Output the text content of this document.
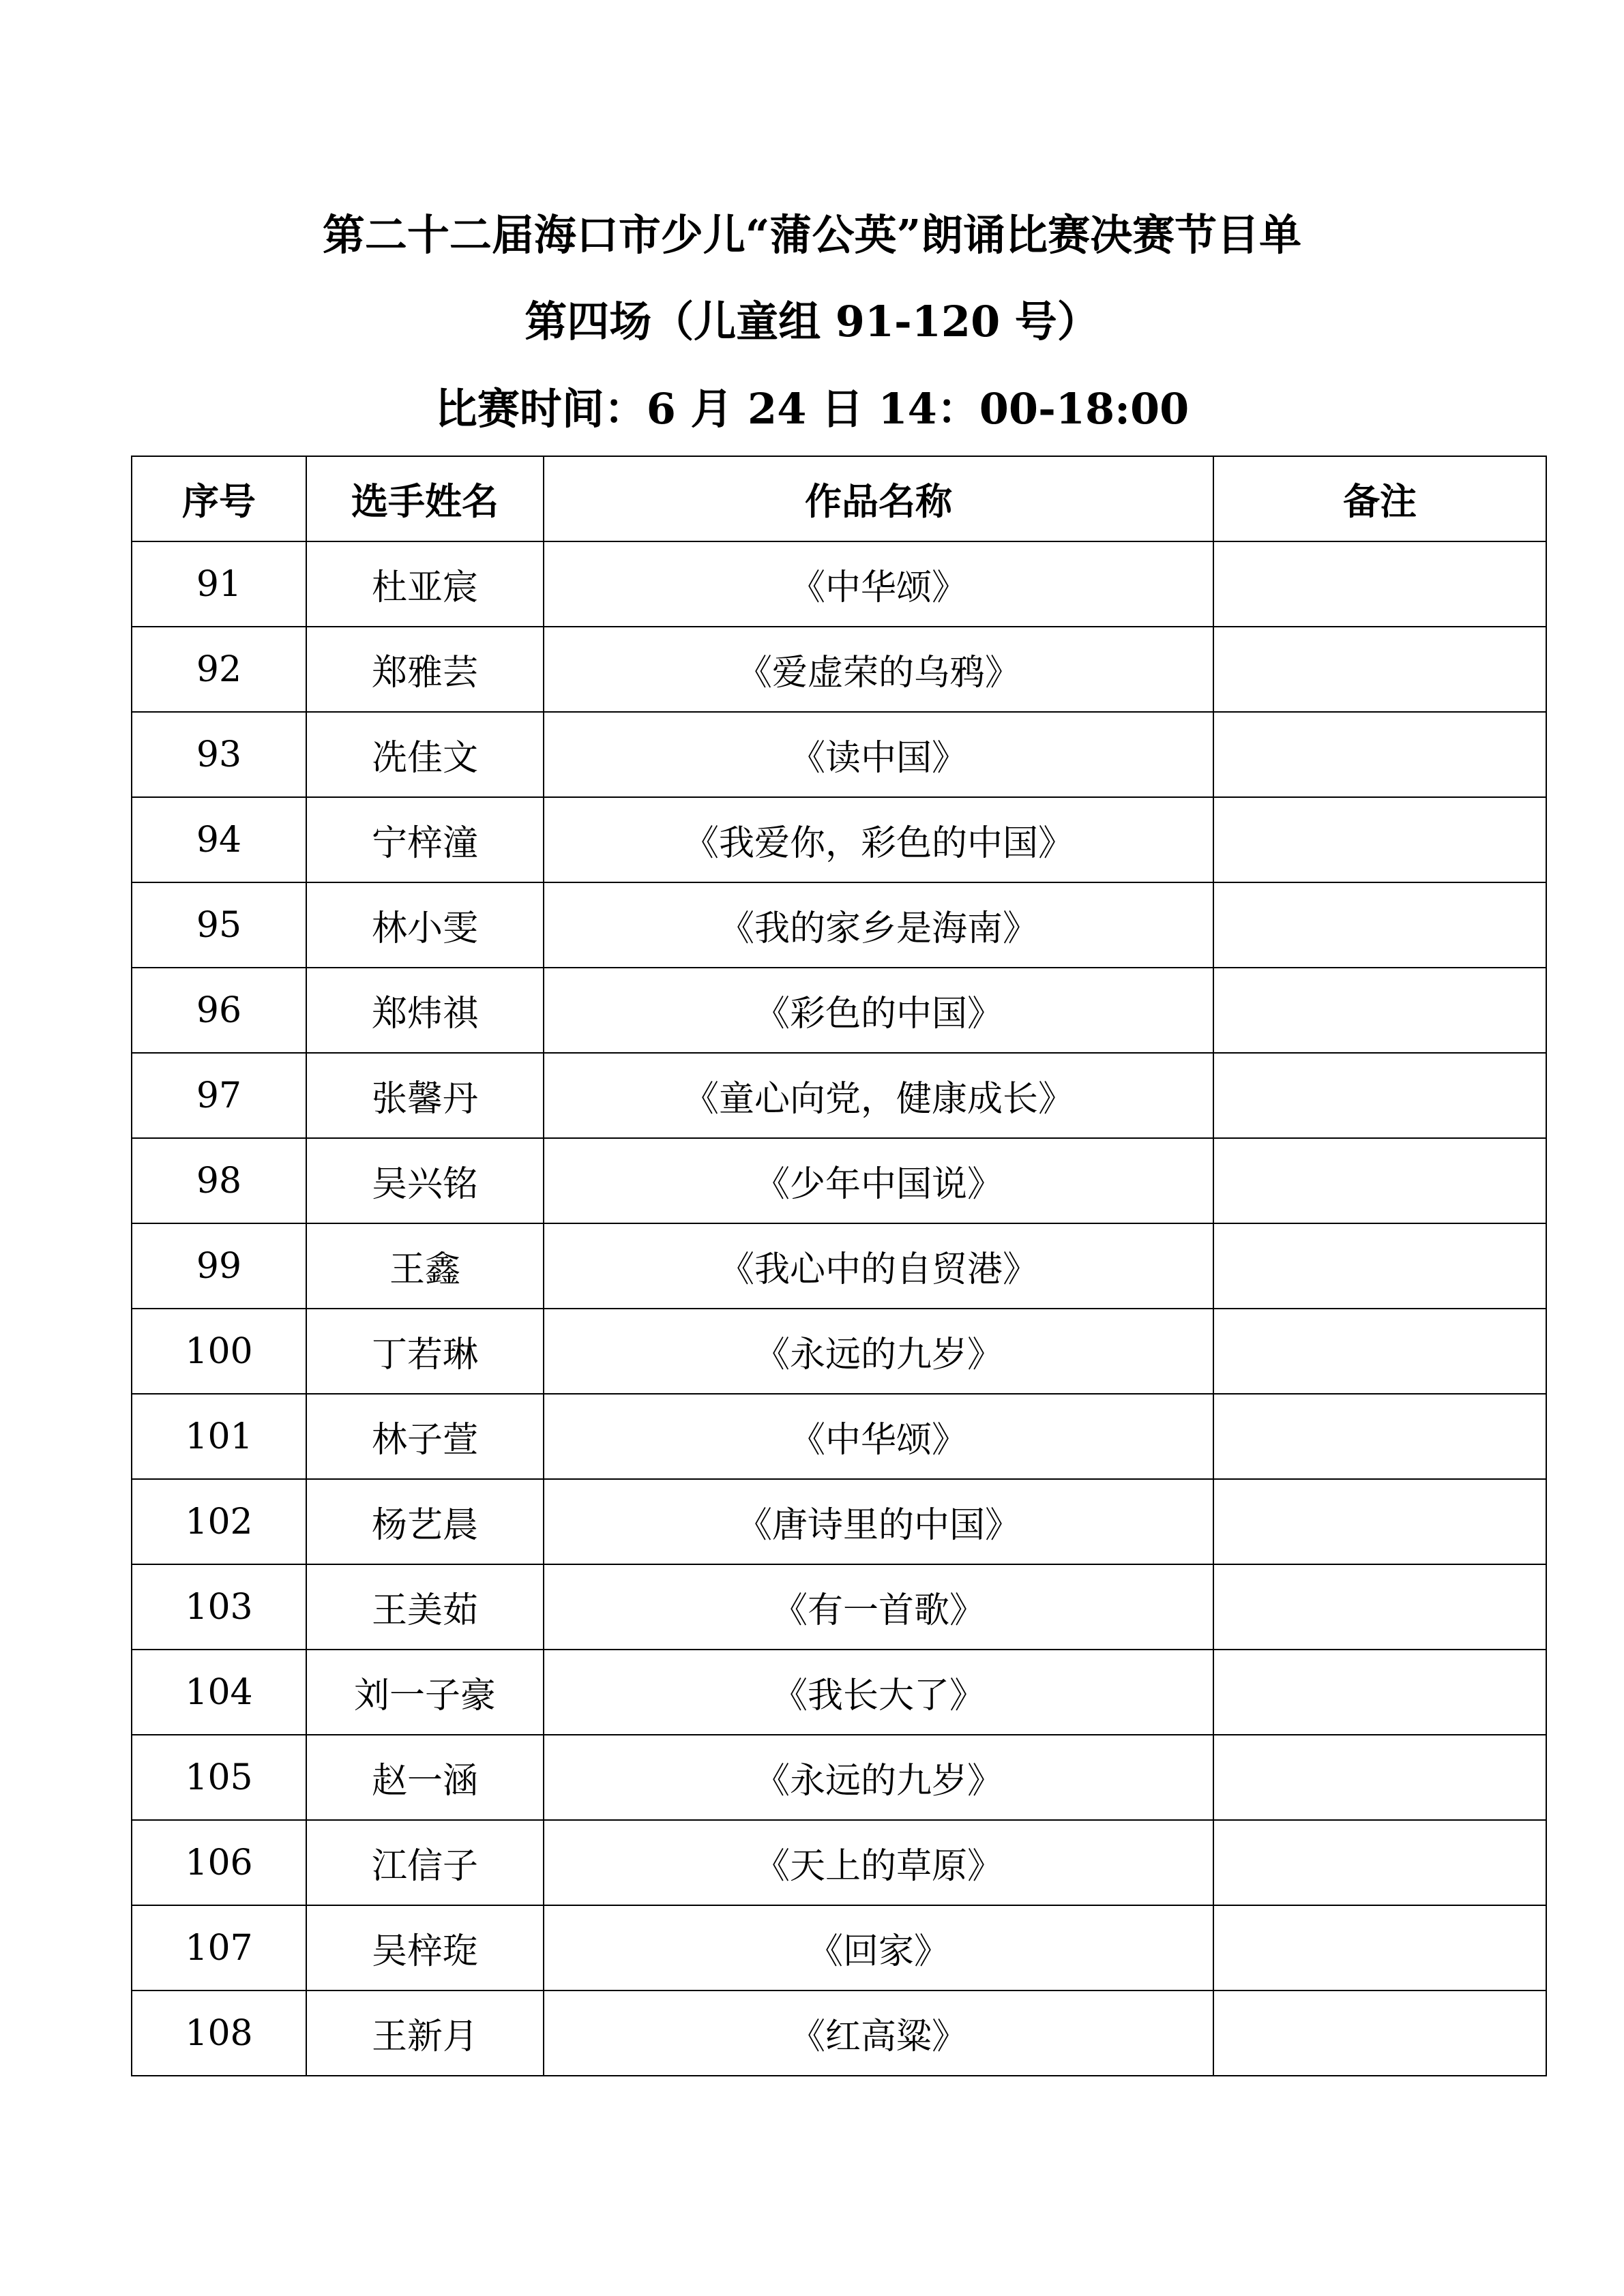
第二十二届海口市少儿“蒲公英”朗诵比赛决赛节目单
第四场（儿童组 91-120 号）
比赛时间：6 月 24 日 14：00-18:00
序号	选手姓名	作品名称	备注
91	杜亚宸	《中华颂》	
92	郑雅芸	《爱虚荣的乌鸦》	
93	冼佳文	《读中国》	
94	宁梓潼	《我爱你，彩色的中国》	
95	林小雯	《我的家乡是海南》	
96	郑炜祺	《彩色的中国》	
97	张馨丹	《童心向党，健康成长》	
98	吴兴铭	《少年中国说》	
99	王鑫	《我心中的自贸港》	
100	丁若琳	《永远的九岁》	
101	林子萱	《中华颂》	
102	杨艺晨	《唐诗里的中国》	
103	王美茹	《有一首歌》	
104	刘一子豪	《我长大了》	
105	赵一涵	《永远的九岁》	
106	江信子	《天上的草原》	
107	吴梓琁	《回家》	
108	王新月	《红高粱》	
